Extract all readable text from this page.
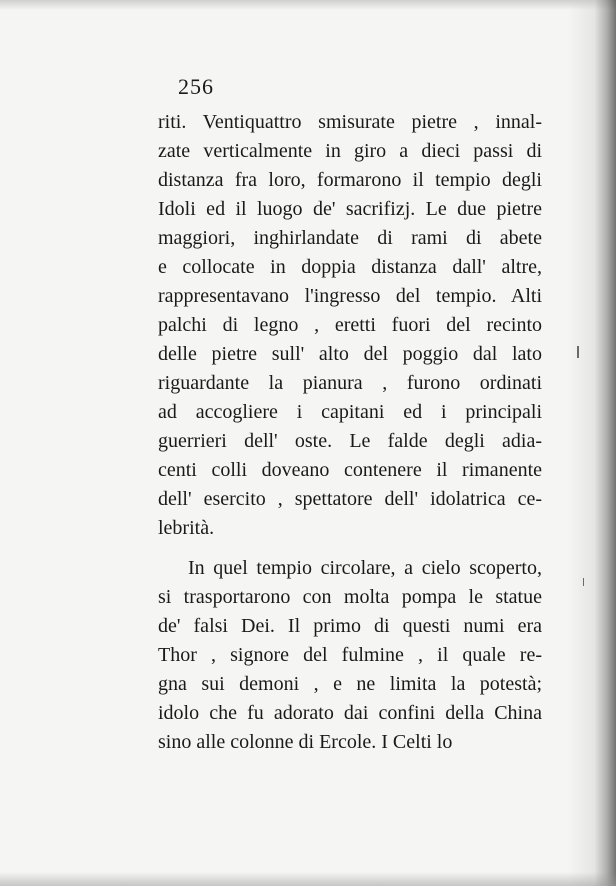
256
riti. Ventiquattro smisurate pietre , innal-
zate verticalmente in giro a dieci passi di
distanza fra loro, formarono il tempio degli
Idoli ed il luogo de' sacrifizj. Le due pietre
maggiori, inghirlandate di rami di abete
e collocate in doppia distanza dall' altre,
rappresentavano l'ingresso del tempio. Alti
palchi di legno , eretti fuori del recinto
delle pietre sull' alto del poggio dal lato
riguardante la pianura , furono ordinati
ad accogliere i capitani ed i principali
guerrieri dell' oste. Le falde degli adia-
centi colli doveano contenere il rimanente
dell' esercito , spettatore dell' idolatrica ce-
lebrità.
In quel tempio circolare, a cielo scoperto,
si trasportarono con molta pompa le statue
de' falsi Dei. Il primo di questi numi era
Thor , signore del fulmine , il quale re-
gna sui demoni , e ne limita la potestà;
idolo che fu adorato dai confini della China
sino alle colonne di Ercole. I Celti lo
